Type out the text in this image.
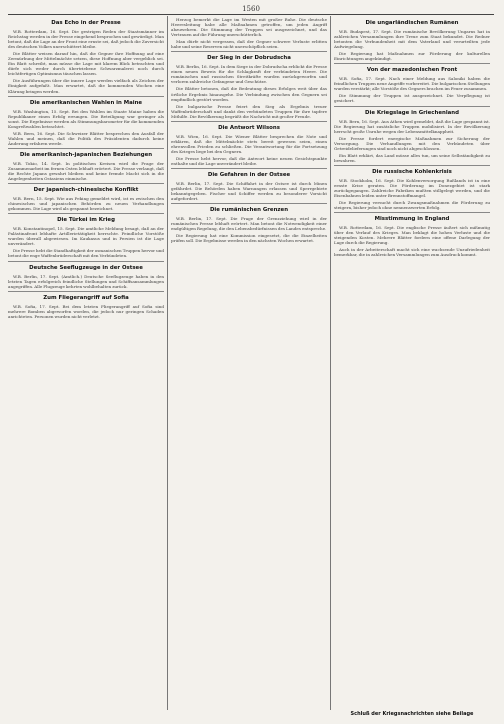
1560
Das Echo in der Presse

W.B. Rotterdam, 16. Sept. Die gestrigen Reden der Staatsmänner im Reichstag werden in der Presse eingehend besprochen und gewürdigt. Man betont, daß die Lage an der Front eine ernste sei, daß jedoch die Zuversicht des deutschen Volkes unerschüttert bleibe.

Die Blätter weisen darauf hin, daß die Gegner ihre Hoffnung auf eine Zermürbung der Mittelmächte setzen, diese Hoffnung aber vergeblich sei. Ein Blatt schreibt, man müsse die Lage mit klarem Blick betrachten und dürfe sich weder durch übertriebene Schwarzmalerei noch durch leichtfertigen Optimismus täuschen lassen.

Die Ausführungen über die innere Lage werden vielfach als Zeichen der Einigkeit aufgefaßt. Man erwartet, daß die kommenden Wochen eine Klärung bringen werden.

Die amerikanischen Wahlen in Maine

W.B. Washington, 15. Sept. Bei den Wahlen im Staate Maine haben die Republikaner einen Erfolg errungen. Die Beteiligung war geringer als sonst. Die Ergebnisse werden als Stimmungsbarometer für die kommenden Kongreßwahlen betrachtet.

W.B. Bern, 16. Sept. Die Schweizer Blätter besprechen den Ausfall der Wahlen und meinen, daß die Politik des Präsidenten dadurch keine Änderung erfahren werde.

Die amerikanisch-japanischen Beziehungen

W.B. Tokio, 14. Sept. In politischen Kreisen wird die Frage der Zusammenarbeit im fernen Osten lebhaft erörtert. Die Presse verlangt, daß die Rechte Japans gewahrt bleiben und keine fremde Macht sich in die Angelegenheiten Ostasiens einmische.

Der japanisch-chinesische Konflikt

W.B. Bern, 15. Sept. Wie aus Peking gemeldet wird, ist es zwischen den chinesischen und japanischen Behörden zu neuen Verhandlungen gekommen. Die Lage wird als gespannt bezeichnet.

Die Türkei im Krieg

W.B. Konstantinopel, 15. Sept. Die amtliche Meldung besagt, daß an der Palästinafront lebhafte Artillerietätigkeit herrschte. Feindliche Vorstöße wurden überall abgewiesen. Im Kaukasus und in Persien ist die Lage unverändert.

Die Presse hebt die Standhaftigkeit der osmanischen Truppen hervor und betont die enge Waffenbrüderschaft mit den Verbündeten.

Deutsche Seeflugzeuge in der Ostsee

W.B. Berlin, 17. Sept. (Amtlich.) Deutsche Seeflugzeuge haben in den letzten Tagen erfolgreich feindliche Stellungen und Schiffsansammlungen angegriffen. Alle Flugzeuge kehrten wohlbehalten zurück.

Zum Fliegerangriff auf Sofia

W.B. Sofia, 17. Sept. Bei dem letzten Fliegerangriff auf Sofia sind mehrere Bomben abgeworfen worden, die jedoch nur geringen Schaden anrichteten. Personen wurden nicht verletzt.

Herzog bemerkt die Lage im Westen mit großer Ruhe. Die deutsche Heeresleitung habe alle Maßnahmen getroffen, um jeden Angriff abzuwehren. Die Stimmung der Truppen sei ausgezeichnet, und das Vertrauen auf die Führung unerschütterlich.

Man dürfe nicht vergessen, daß der Gegner schwere Verluste erlitten habe und seine Reserven nicht unerschöpflich seien.

Der Sieg in der Dobrudscha

W.B. Berlin, 16. Sept. In dem Siege in der Dobrudscha erblickt die Presse einen neuen Beweis für die Schlagkraft der verbündeten Heere. Die rumänischen und russischen Streitkräfte wurden zurückgeworfen und verloren zahlreiche Gefangene und Geschütze.

Die Blätter betonen, daß die Bedeutung dieses Erfolges weit über das örtliche Ergebnis hinausgehe. Die Verbindung zwischen den Gegnern sei empfindlich gestört worden.

Die bulgarische Presse feiert den Sieg als Ergebnis treuer Waffenbrüderschaft und dankt den verbündeten Truppen für ihre tapfere Mithilfe. Die Bevölkerung begrüßt die Nachricht mit großer Freude.

Die Antwort Wilsons

W.B. Wien, 16. Sept. Die Wiener Blätter besprechen die Note und erklären, daß die Mittelmächte stets bereit gewesen seien, einen ehrenvollen Frieden zu schließen. Die Verantwortung für die Fortsetzung des Krieges liege bei den Gegnern.

Die Presse hebt hervor, daß die Antwort keine neuen Gesichtspunkte enthalte und die Lage unverändert bleibe.

Die Gefahren in der Ostsee

W.B. Berlin, 17. Sept. Die Schiffahrt in der Ostsee ist durch Minen gefährdet. Die Behörden haben Warnungen erlassen und Sperrgebiete bekanntgegeben. Fischer und Schiffer werden zu besonderer Vorsicht aufgefordert.

Die rumänischen Grenzen

W.B. Berlin, 17. Sept. Die Frage der Grenzziehung wird in der rumänischen Presse lebhaft erörtert. Man betont die Notwendigkeit einer endgültigen Regelung, die den Lebensbedürfnissen des Landes entspreche.

Die Regierung hat eine Kommission eingesetzt, die die Einzelheiten prüfen soll. Die Ergebnisse werden in den nächsten Wochen erwartet.

Die ungarländischen Rumänen

W.B. Budapest, 17. Sept. Die rumänische Bevölkerung Ungarns hat in zahlreichen Versammlungen ihre Treue zum Staat bekundet. Die Redner betonten die Verbundenheit mit dem Vaterland und verurteilten jede Aufwiegelung.

Die Regierung hat Maßnahmen zur Förderung der kulturellen Einrichtungen angekündigt.

Von der mazedonischen Front

W.B. Sofia, 17. Sept. Nach einer Meldung aus Saloniki haben die feindlichen Truppen neue Angriffe vorbereitet. Die bulgarischen Stellungen wurden verstärkt; alle Vorstöße des Gegners brachen im Feuer zusammen.

Die Stimmung der Truppen ist ausgezeichnet. Die Verpflegung ist gesichert.

Die Kriegslage in Griechenland

W.B. Bern, 16. Sept. Aus Athen wird gemeldet, daß die Lage gespannt ist. Die Regierung hat zusätzliche Truppen mobilisiert. In der Bevölkerung herrscht große Unruhe wegen der Lebensmittelknappheit.

Die Presse fordert energische Maßnahmen zur Sicherung der Versorgung. Die Verhandlungen mit den Verbündeten über Getreidelieferungen sind noch nicht abgeschlossen.

Ein Blatt erklärt, das Land müsse alles tun, um seine Selbständigkeit zu bewahren.

Die russische Kohlenkrisis

W.B. Stockholm, 16. Sept. Die Kohlenversorgung Rußlands ist in eine ernste Krise geraten. Die Förderung im Donezgebiet ist stark zurückgegangen. Zahlreiche Fabriken mußten stillgelegt werden, und die Eisenbahnen leiden unter Brennstoffmangel.

Die Regierung versucht durch Zwangsmaßnahmen die Förderung zu steigern, bisher jedoch ohne nennenswerten Erfolg.

Misstimmung in England

W.B. Rotterdam, 16. Sept. Die englische Presse äußert sich mißmutig über den Verlauf des Krieges. Man beklagt die hohen Verluste und die steigenden Kosten. Mehrere Blätter fordern eine offene Darlegung der Lage durch die Regierung.

Auch in der Arbeiterschaft macht sich eine wachsende Unzufriedenheit bemerkbar, die in zahlreichen Versammlungen zum Ausdruck kommt.

Schluß der Kriegsnachrichten siehe Beilage
